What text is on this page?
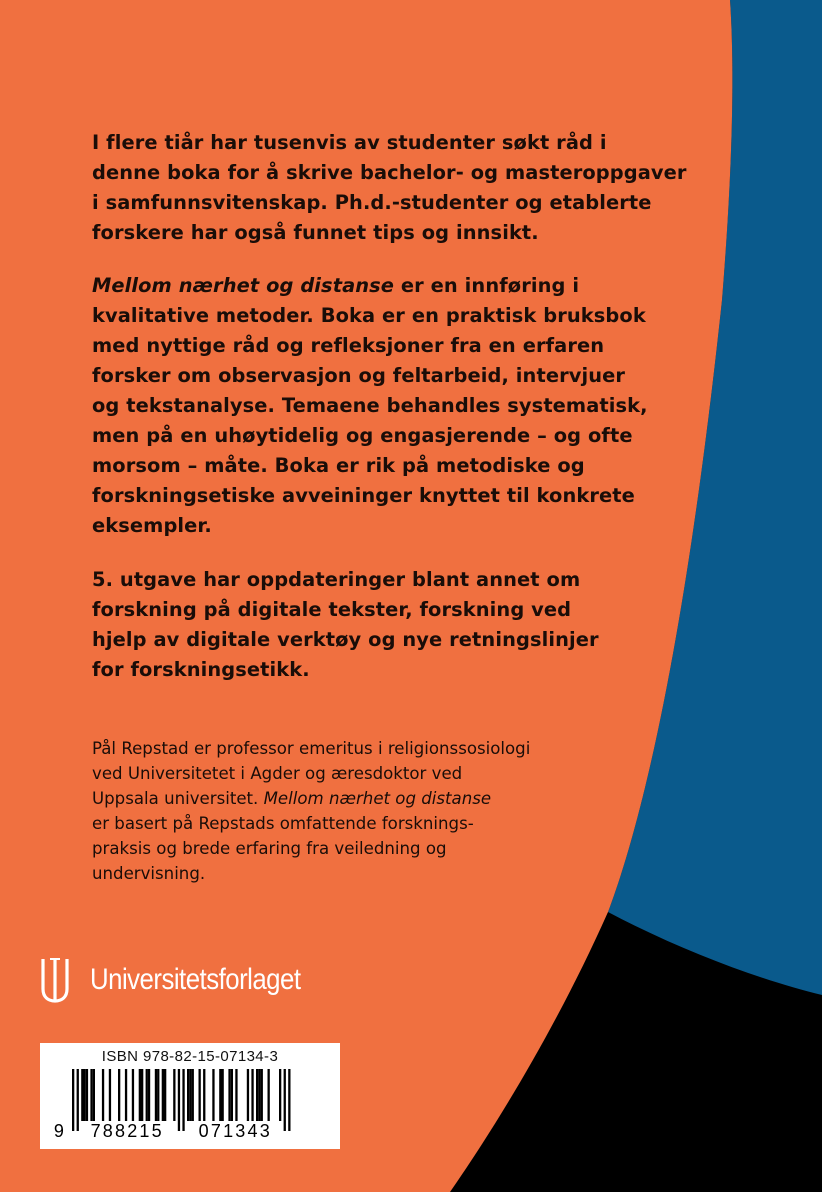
I flere tiår har tusenvis av studenter søkt råd i
denne boka for å skrive bachelor- og masteroppgaver
i samfunnsvitenskap. Ph.d.-studenter og etablerte
forskere har også funnet tips og innsikt.
Mellom nærhet og distanse er en innføring i
kvalitative metoder. Boka er en praktisk bruksbok
med nyttige råd og refleksjoner fra en erfaren
forsker om observasjon og feltarbeid, intervjuer
og tekstanalyse. Temaene behandles systematisk,
men på en uhøytidelig og engasjerende – og ofte
morsom – måte. Boka er rik på metodiske og
forskningsetiske avveininger knyttet til konkrete
eksempler.
5. utgave har oppdateringer blant annet om
forskning på digitale tekster, forskning ved
hjelp av digitale verktøy og nye retningslinjer
for forskningsetikk.
Pål Repstad er professor emeritus i religionssosiologi
ved Universitetet i Agder og æresdoktor ved
Uppsala universitet. Mellom nærhet og distanse
er basert på Repstads omfattende forsknings-
praksis og brede erfaring fra veiledning og
undervisning.
Universitetsforlaget
9 788215 071343
ISBN 978-82-15-07134-3
